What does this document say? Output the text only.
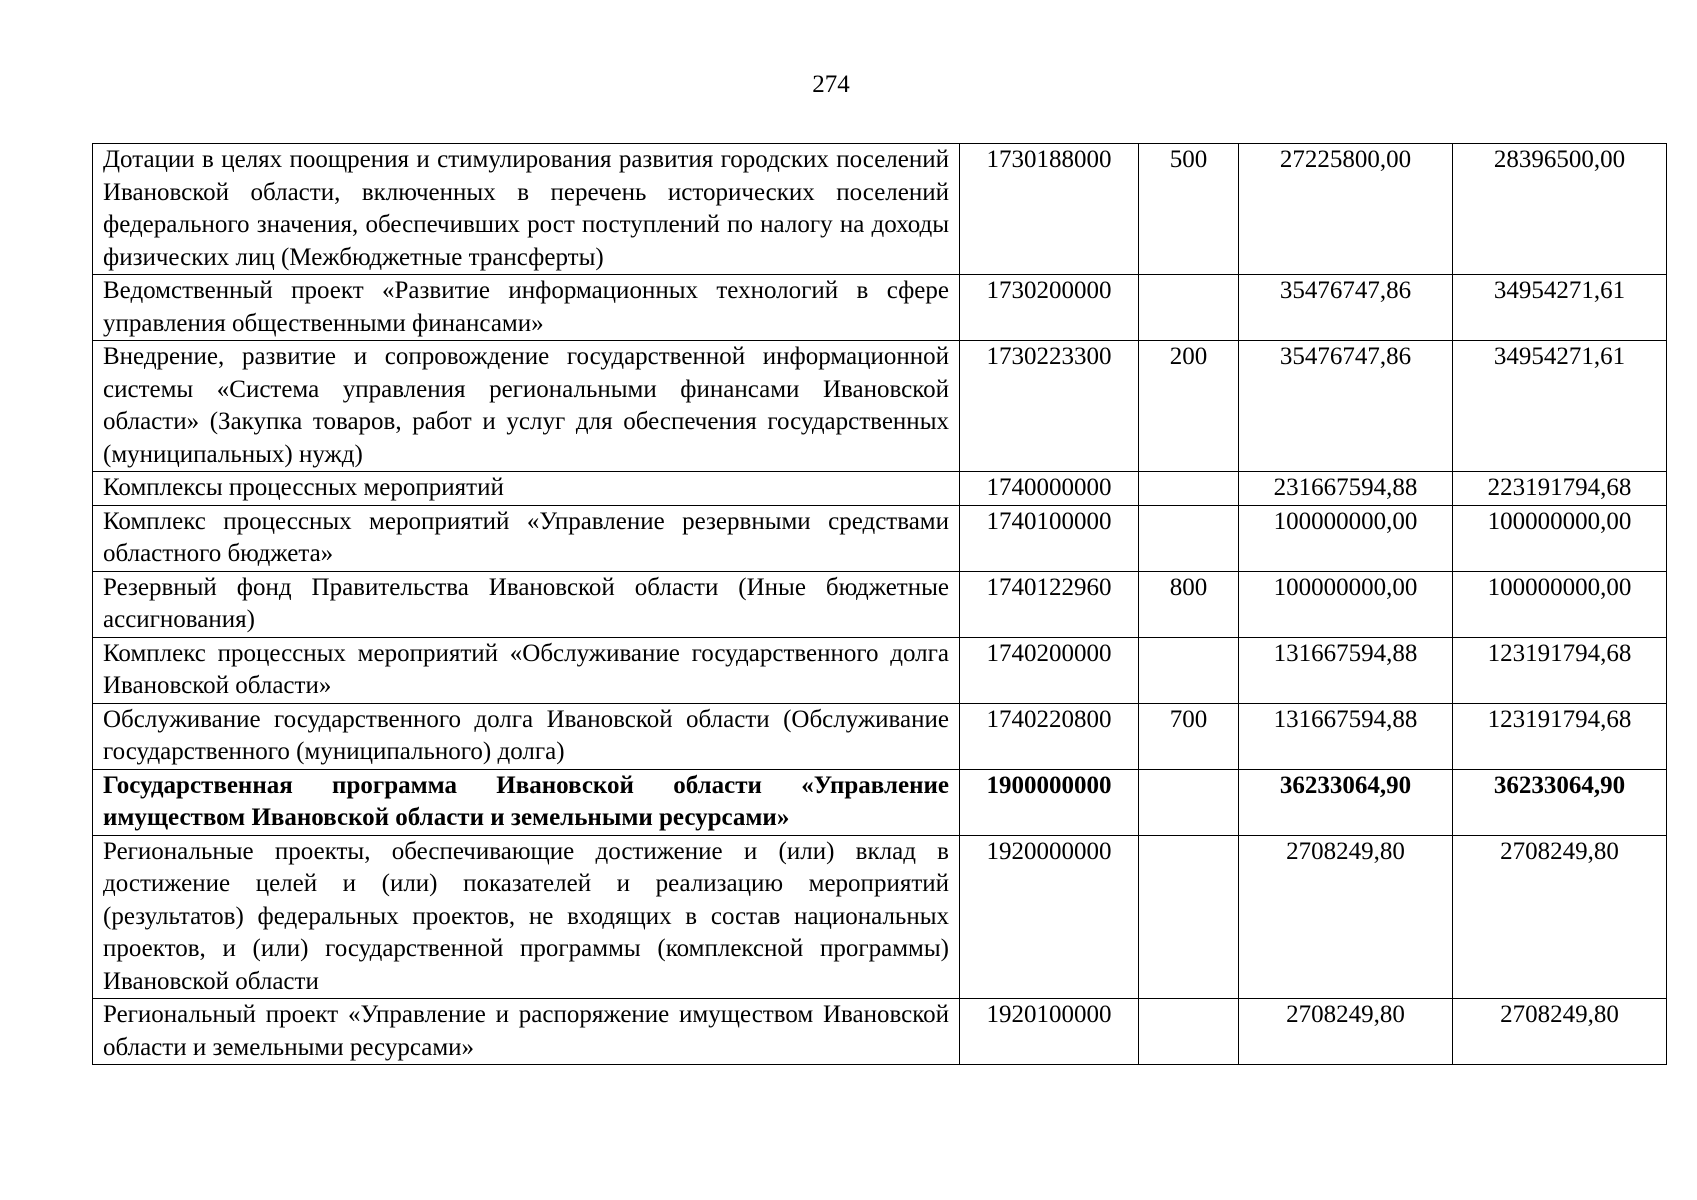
274
Дотации в целях поощрения и стимулирования развития городских поселений Ивановской области, включенных в перечень исторических поселений федерального значения, обеспечивших рост поступлений по налогу на доходы физических лиц (Межбюджетные трансферты)	1730188000	500	27225800,00	28396500,00
Ведомственный проект «Развитие информационных технологий в сфере управления общественными финансами»	1730200000		35476747,86	34954271,61
Внедрение, развитие и сопровождение государственной информационной системы «Система управления региональными финансами Ивановской области» (Закупка товаров, работ и услуг для обеспечения государственных (муниципальных) нужд)	1730223300	200	35476747,86	34954271,61
Комплексы процессных мероприятий	1740000000		231667594,88	223191794,68
Комплекс процессных мероприятий «Управление резервными средствами областного бюджета»	1740100000		100000000,00	100000000,00
Резервный фонд Правительства Ивановской области (Иные бюджетные ассигнования)	1740122960	800	100000000,00	100000000,00
Комплекс процессных мероприятий «Обслуживание государственного долга Ивановской области»	1740200000		131667594,88	123191794,68
Обслуживание государственного долга Ивановской области (Обслуживание государственного (муниципального) долга)	1740220800	700	131667594,88	123191794,68
Государственная программа Ивановской области «Управление имуществом Ивановской области и земельными ресурсами»	1900000000		36233064,90	36233064,90
Региональные проекты, обеспечивающие достижение и (или) вклад в достижение целей и (или) показателей и реализацию мероприятий (результатов) федеральных проектов, не входящих в состав национальных проектов, и (или) государственной программы (комплексной программы) Ивановской области	1920000000		2708249,80	2708249,80
Региональный проект «Управление и распоряжение имуществом Ивановской области и земельными ресурсами»	1920100000		2708249,80	2708249,80
